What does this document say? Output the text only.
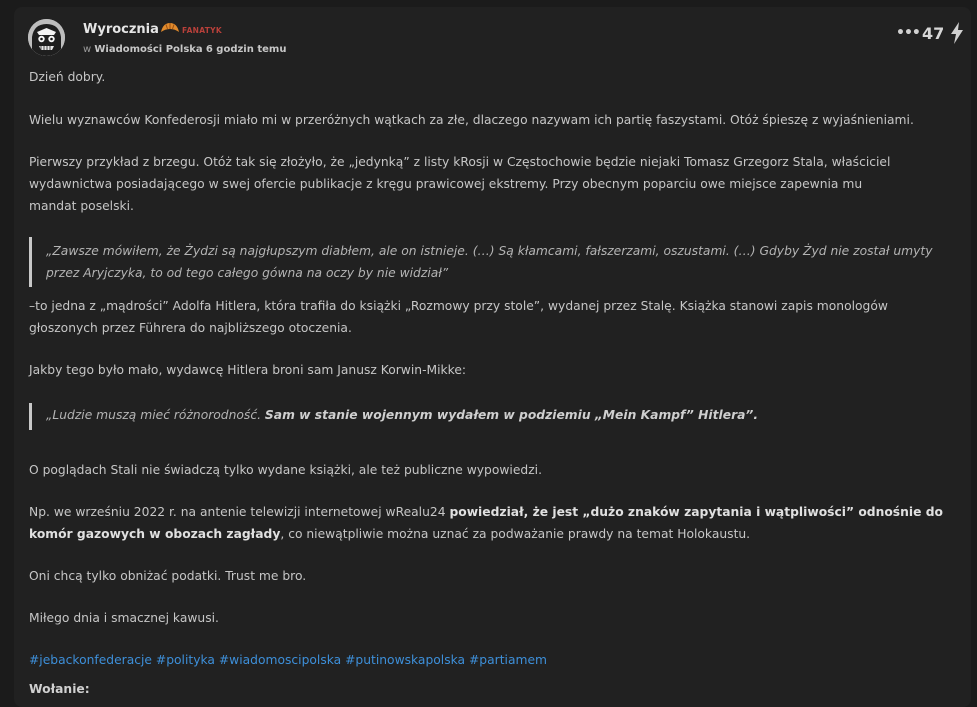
Wyrocznia	FANATYK
w Wiadomości Polska 6 godzin temu
••• 47

Dzień dobry.

Wielu wyznawców Konfederosji miało mi w przeróżnych wątkach za złe, dlaczego nazywam ich partię faszystami. Otóż śpieszę z wyjaśnieniami.

Pierwszy przykład z brzegu. Otóż tak się złożyło, że „jedynką” z listy kRosji w Częstochowie będzie niejaki Tomasz Grzegorz Stala, właściciel

wydawnictwa posiadającego w swej ofercie publikacje z kręgu prawicowej ekstremy. Przy obecnym poparciu owe miejsce zapewnia mu

mandat poselski.

„Zawsze mówiłem, że Żydzi są najgłupszym diabłem, ale on istnieje. (…) Są kłamcami, fałszerzami, oszustami. (…) Gdyby Żyd nie został umyty
przez Aryjczyka, to od tego całego gówna na oczy by nie widział”

–to jedna z „mądrości” Adolfa Hitlera, która trafiła do książki „Rozmowy przy stole”, wydanej przez Stalę. Książka stanowi zapis monologów

głoszonych przez Führera do najbliższego otoczenia.

Jakby tego było mało, wydawcę Hitlera broni sam Janusz Korwin-Mikke:

„Ludzie muszą mieć różnorodność. Sam w stanie wojennym wydałem w podziemiu „Mein Kampf” Hitlera”.

O poglądach Stali nie świadczą tylko wydane książki, ale też publiczne wypowiedzi.

Np. we wrześniu 2022 r. na antenie telewizji internetowej wRealu24 powiedział, że jest „dużo znaków zapytania i wątpliwości” odnośnie do

komór gazowych w obozach zagłady, co niewątpliwie można uznać za podważanie prawdy na temat Holokaustu.

Oni chcą tylko obniżać podatki. Trust me bro.

Miłego dnia i smacznej kawusi.

#jebackonfederacje #polityka #wiadomoscipolska #putinowskapolska #partiamem
Wołanie:
